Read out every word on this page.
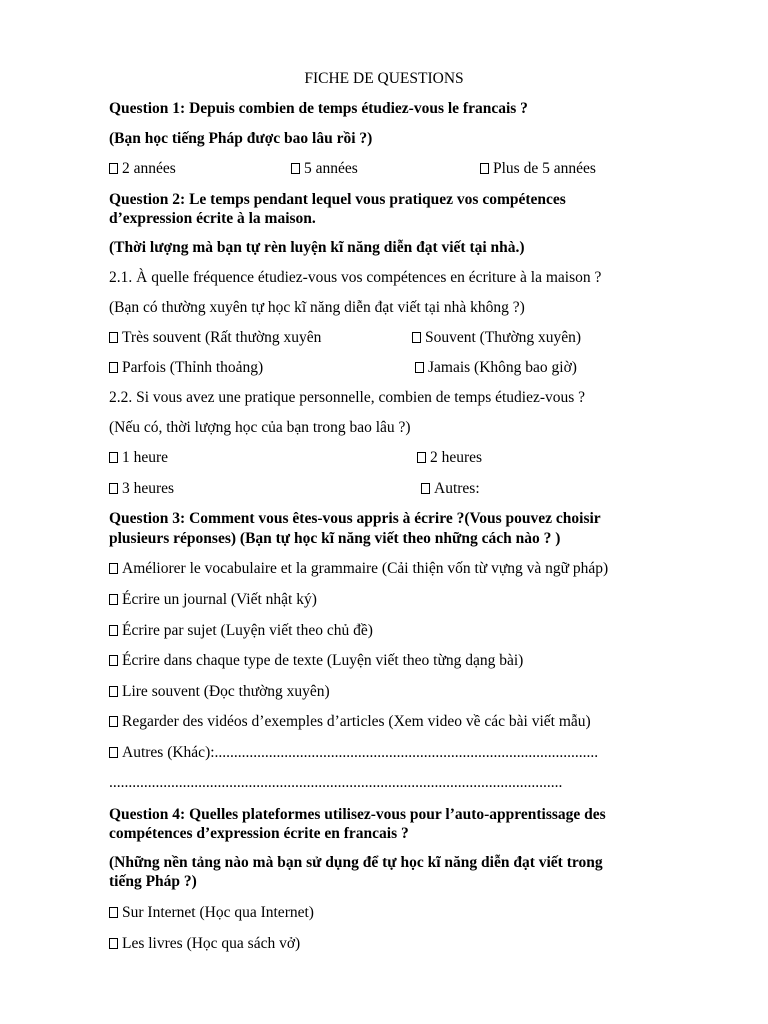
FICHE DE QUESTIONS
Question 1: Depuis combien de temps étudiez-vous le francais ?
(Bạn học tiếng Pháp được bao lâu rồi ?)
2 années	5 années	Plus de 5 années
Question 2: Le temps pendant lequel vous pratiquez vos compétences
d’expression écrite à la maison.
(Thời lượng mà bạn tự rèn luyện kĩ năng diễn đạt viết tại nhà.)
2.1. À quelle fréquence étudiez-vous vos compétences en écriture à la maison ?
(Bạn có thường xuyên tự học kĩ năng diễn đạt viết tại nhà không ?)
Très souvent (Rất thường xuyên	Souvent (Thường xuyên)
Parfois (Thỉnh thoảng)	Jamais (Không bao giờ)
2.2. Si vous avez une pratique personnelle, combien de temps étudiez-vous ?
(Nếu có, thời lượng học của bạn trong bao lâu ?)
1 heure	2 heures
3 heures	Autres:
Question 3: Comment vous êtes-vous appris à écrire ?(Vous pouvez choisir
plusieurs réponses) (Bạn tự học kĩ năng viết theo những cách nào ? )
Améliorer le vocabulaire et la grammaire (Cải thiện vốn từ vựng và ngữ pháp)
Écrire un journal (Viết nhật ký)
Écrire par sujet (Luyện viết theo chủ đề)
Écrire dans chaque type de texte (Luyện viết theo từng dạng bài)
Lire souvent (Đọc thường xuyên)
Regarder des vidéos d’exemples d’articles (Xem video về các bài viết mẫu)
Autres (Khác):...................................................................................................
.....................................................................................................................
Question 4: Quelles plateformes utilisez-vous pour l’auto-apprentissage des
compétences d’expression écrite en francais ?
(Những nền tảng nào mà bạn sử dụng để tự học kĩ năng diễn đạt viết trong
tiếng Pháp ?)
Sur Internet (Học qua Internet)
Les livres (Học qua sách vở)
